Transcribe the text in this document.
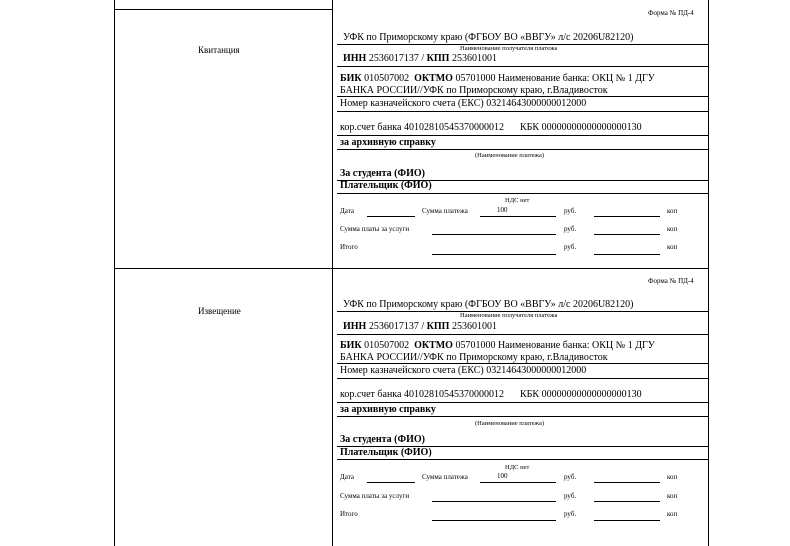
Квитанция
Форма № ПД-4
УФК по Приморскому краю (ФГБОУ ВО «ВВГУ» л/с 20206U82120)
Наименование получателя платежа
ИНН 2536017137 / КПП 253601001
БИК 010507002 ОКТМО 05701000 Наименование банка: ОКЦ № 1 ДГУ
БАНКА РОССИИ//УФК по Приморскому краю, г.Владивосток
Номер казначейского счета (ЕКС) 03214643000000012000
кор.счет банка 40102810545370000012 КБК 00000000000000000130
за архивную справку
(Наименование платежа)
За студента (ФИО)
Плательщик (ФИО)
НДС нет
Дата	Сумма платежа	100	руб.	коп
Сумма платы за услуги	руб.	коп
Итого	руб.	коп
Извещение
Форма № ПД-4
УФК по Приморскому краю (ФГБОУ ВО «ВВГУ» л/с 20206U82120)
Наименование получателя платежа
ИНН 2536017137 / КПП 253601001
БИК 010507002 ОКТМО 05701000 Наименование банка: ОКЦ № 1 ДГУ
БАНКА РОССИИ//УФК по Приморскому краю, г.Владивосток
Номер казначейского счета (ЕКС) 03214643000000012000
кор.счет банка 40102810545370000012 КБК 00000000000000000130
за архивную справку
(Наименование платежа)
За студента (ФИО)
Плательщик (ФИО)
НДС нет
Дата	Сумма платежа	100	руб.	коп
Сумма платы за услуги	руб.	коп
Итого	руб.	коп
